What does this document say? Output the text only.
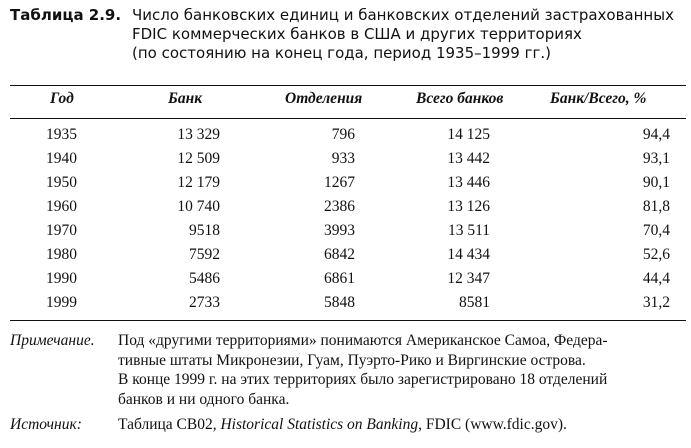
Таблица 2.9. Число банковских единиц и банковских отделений застрахованных
FDIC коммерческих банков в США и других территориях
(по состоянию на конец года, период 1935–1999 гг.)
Год	Банк	Отделения	Всего банков	Банк/Всего, %
1935	13 329	796	14 125	94,4
1940	12 509	933	13 442	93,1
1950	12 179	1267	13 446	90,1
1960	10 740	2386	13 126	81,8
1970	9518	3993	13 511	70,4
1980	7592	6842	14 434	52,6
1990	5486	6861	12 347	44,4
1999	2733	5848	8581	31,2
Примечание. Под «другими территориями» понимаются Американское Самоа, Федера-
тивные штаты Микронезии, Гуам, Пуэрто-Рико и Виргинские острова.
В конце 1999 г. на этих территориях было зарегистрировано 18 отделений
банков и ни одного банка.
Источник: Таблица CB02, Historical Statistics on Banking, FDIC (www.fdic.gov).
